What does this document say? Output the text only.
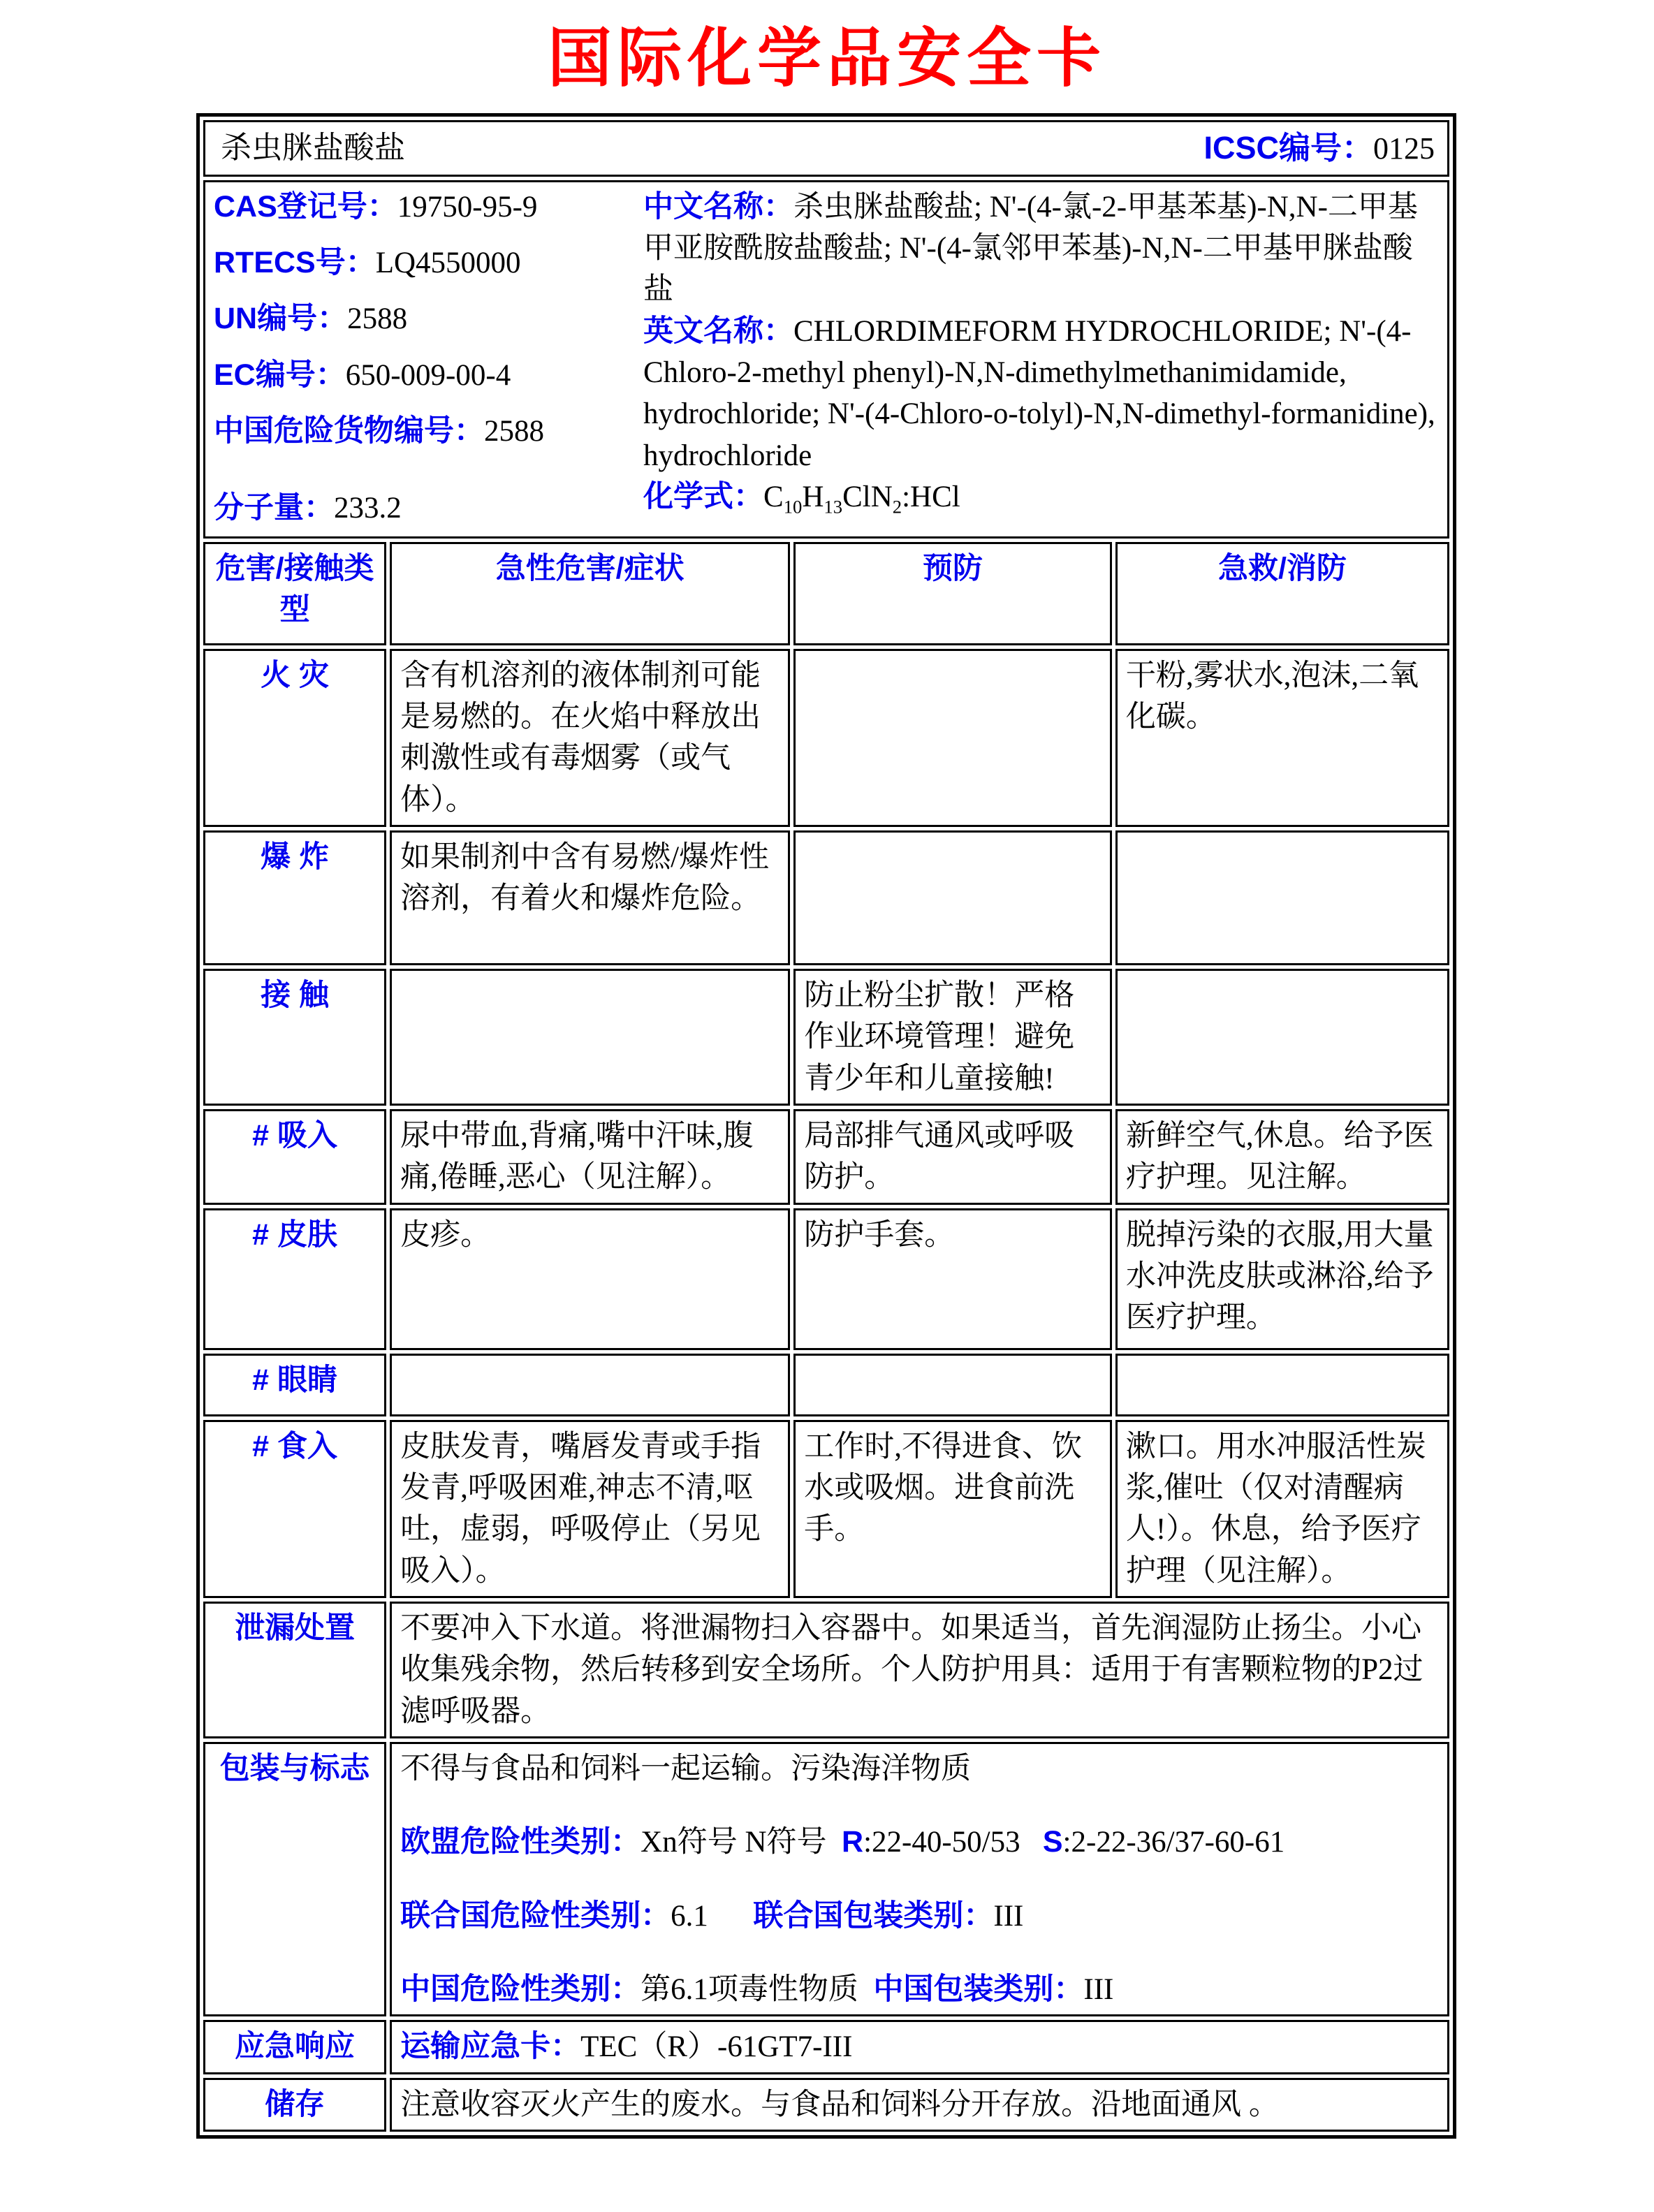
国际化学品安全卡
杀虫脒盐酸盐 ICSC编号：0125			

CAS登记号：19750-95-9
RTECS号：LQ4550000
UN编号：2588
EC编号：650-009-00-4
中国危险货物编号：2588
分子量：233.2
中文名称：杀虫脒盐酸盐; N'-(4-氯-2-甲基苯基)-N,N-二甲基甲亚胺酰胺盐酸盐; N'-(4-氯邻甲苯基)-N,N-二甲基甲脒盐酸盐
英文名称：CHLORDIMEFORM HYDROCHLORIDE; N'-(4-Chloro-2-methyl phenyl)-N,N-dimethylmethanimidamide, hydrochloride; N'-(4-Chloro-o-tolyl)-N,N-dimethyl-formanidine), hydrochloride
化学式：$C_{10}H_{13}ClN_2:HCl$

危害/接触类型	急性危害/症状	预防	急救/消防
火 灾	含有机溶剂的液体制剂可能是易燃的。在火焰中释放出刺激性或有毒烟雾（或气体）。		干粉,雾状水,泡沫,二氧化碳。
爆 炸	如果制剂中含有易燃/爆炸性溶剂，有着火和爆炸危险。		
接 触		防止粉尘扩散！严格作业环境管理！避免青少年和儿童接触!	
# 吸入	尿中带血,背痛,嘴中汗味,腹痛,倦睡,恶心（见注解）。	局部排气通风或呼吸防护。	新鲜空气,休息。给予医疗护理。见注解。
# 皮肤	皮疹。	防护手套。	脱掉污染的衣服,用大量水冲洗皮肤或淋浴,给予医疗护理。
# 眼睛			
# 食入	皮肤发青，嘴唇发青或手指发青,呼吸困难,神志不清,呕吐，虚弱，呼吸停止（另见吸入）。	工作时,不得进食、饮水或吸烟。进食前洗手。	漱口。用水冲服活性炭浆,催吐（仅对清醒病人!）。休息，给予医疗护理（见注解）。
泄漏处置	不要冲入下水道。将泄漏物扫入容器中。如果适当，首先润湿防止扬尘。小心收集残余物，然后转移到安全场所。个人防护用具：适用于有害颗粒物的P2过滤呼吸器。		

包装与标志	不得与食品和饲料一起运输。污染海洋物质
欧盟危险性类别：Xn符号 N符号  R:22-40-50/53   S:2-22-36/37-60-61
联合国危险性类别：6.1      联合国包装类别：III
中国危险性类别：第6.1项毒性物质  中国包装类别：III		

应急响应	运输应急卡：TEC（R）-61GT7-III		

储存	注意收容灭火产生的废水。与食品和饲料分开存放。沿地面通风 。		
